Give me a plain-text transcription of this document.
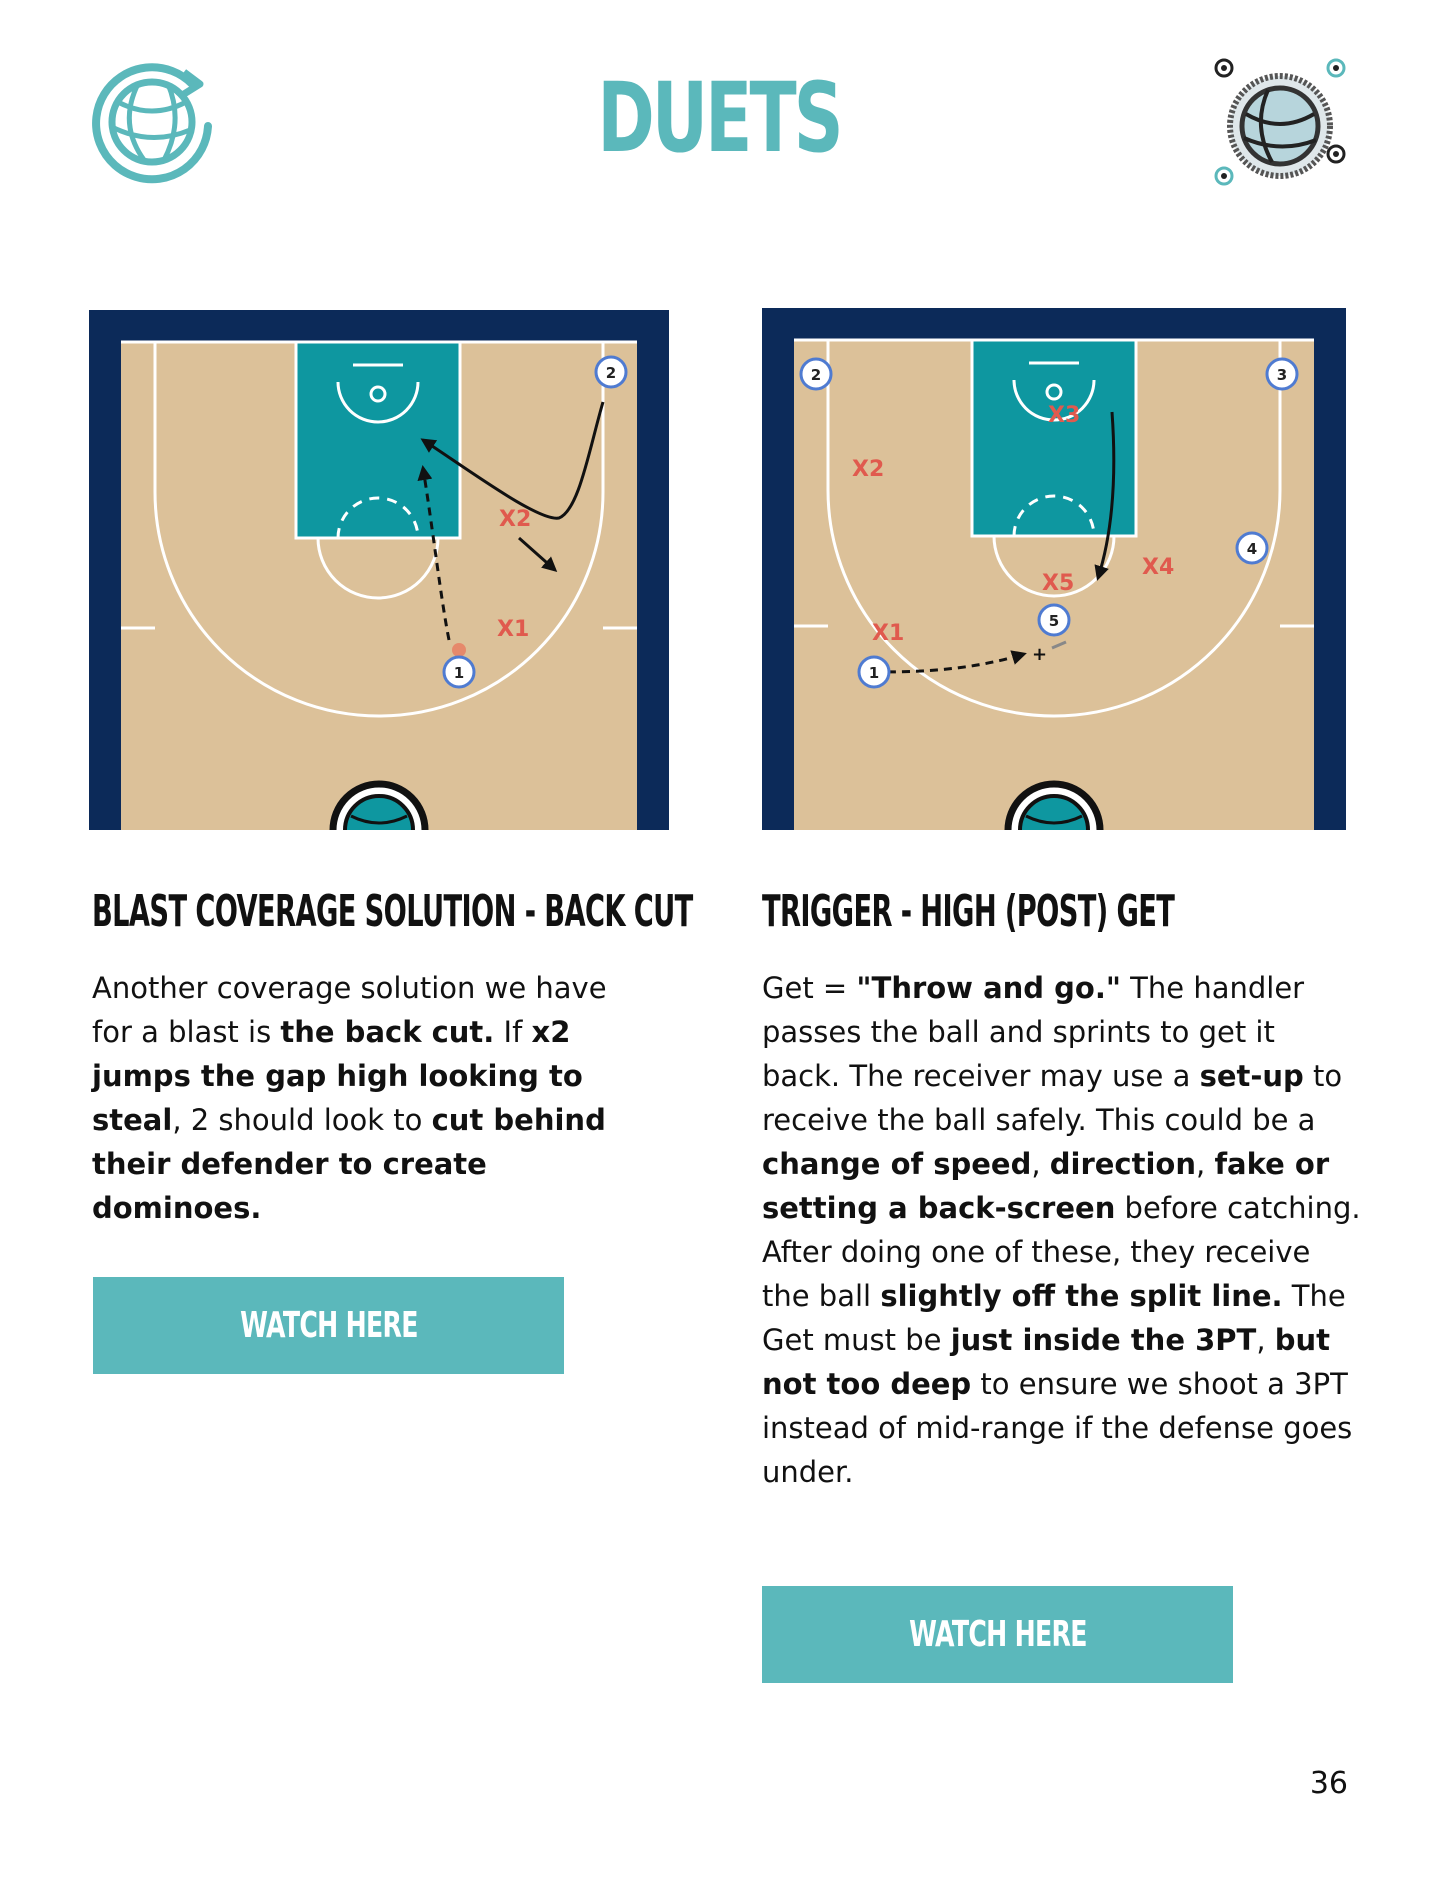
DUETS
2
1
X1
X2
+
2	3
4
5
1
X1
X2
X3
X4
X5
BLAST COVERAGE SOLUTION - BACK CUT
Another coverage solution we have for a blast is the back cut. If x2 jumps the gap high looking to steal, 2 should look to cut behind their defender to create dominoes.
WATCH HERE
TRIGGER - HIGH (POST) GET
Get = "Throw and go." The handler passes the ball and sprints to get it back. The receiver may use a set-up to receive the ball safely. This could be a change of speed, direction, fake or setting a back-screen before catching. After doing one of these, they receive the ball slightly off the split line. The Get must be just inside the 3PT, but not too deep to ensure we shoot a 3PT instead of mid-range if the defense goes under.
WATCH HERE
36
